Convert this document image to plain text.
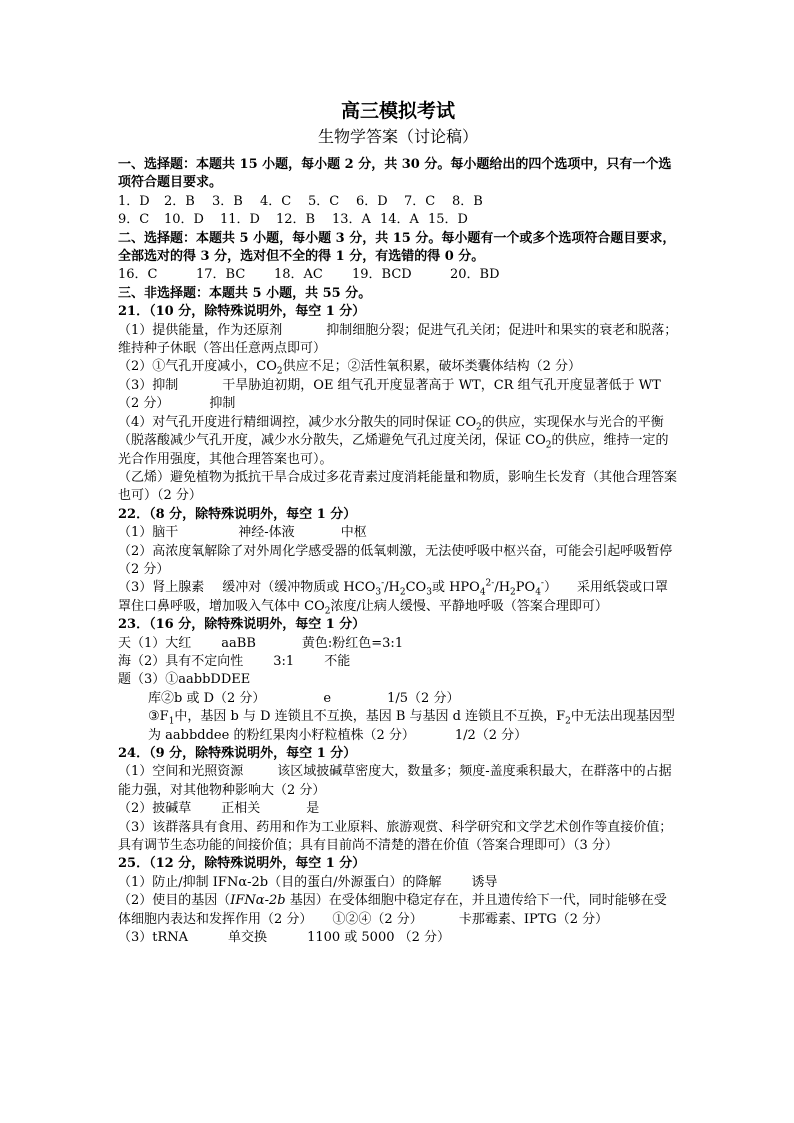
高三模拟考试
生物学答案（讨论稿）
一、选择题：本题共 15 小题，每小题 2 分，共 30 分。每小题给出的四个选项中，只有一个选项符合题目要求。
1．D 2．B 3．B 4．C 5．C 6．D 7．C 8．B
9．C 10．D 11．D 12．B 13．A 14．A 15．D
二、选择题：本题共 5 小题，每小题 3 分，共 15 分。每小题有一个或多个选项符合题目要求，全部选对的得 3 分，选对但不全的得 1 分，有选错的得 0 分。
16．C	17．BC 18．AC 19．BCD	20．BD
三、非选择题：本题共 5 小题，共 55 分。
21．（10 分，除特殊说明外，每空 1 分）
（1）提供能量，作为还原剂	抑制细胞分裂；促进气孔关闭；促进叶和果实的衰老和脱落；维持种子休眠（答出任意两点即可）
（2）①气孔开度减小，$CO_2$供应不足；②活性氧积累，破坏类囊体结构（2 分）
（3）抑制	干旱胁迫初期，OE 组气孔开度显著高于 WT，CR 组气孔开度显著低于 WT（2 分）	抑制
（4）对气孔开度进行精细调控，减少水分散失的同时保证 $CO_2$的供应，实现保水与光合的平衡（脱落酸减少气孔开度，减少水分散失，乙烯避免气孔过度关闭，保证 $CO_2$的供应，维持一定的光合作用强度，其他合理答案也可）。
（乙烯）避免植物为抵抗干旱合成过多花青素过度消耗能量和物质，影响生长发育（其他合理答案也可）（2 分）
22．（8 分，除特殊说明外，每空 1 分）
（1）脑干	神经-体液	中枢
（2）高浓度氧解除了对外周化学感受器的低氧刺激，无法使呼吸中枢兴奋，可能会引起呼吸暂停（2 分）
（3）肾上腺素 缓冲对（缓冲物质或 $HCO_3^-/H_2CO_3$或 $HPO_4^{2-}/H_2PO_4^-$） 采用纸袋或口罩罩住口鼻呼吸，增加吸入气体中 $CO_2$浓度/让病人缓慢、平静地呼吸（答案合理即可）
23．（16 分，除特殊说明外，每空 1 分）
天（1）大红 aaBB	黄色:粉红色=3:1
海（2）具有不定向性 3:1 不能
题（3）①aabbDDEE
库②b 或 D（2 分）	e	1/5（2 分）
$③F_1$中，基因 b 与 D 连锁且不互换，基因 B 与基因 d 连锁且不互换，$F_2$中无法出现基因型为 aabbddee 的粉红果肉小籽粒植株（2 分）	1/2（2 分）
24．（9 分，除特殊说明外，每空 1 分）
（1）空间和光照资源	该区域披碱草密度大，数量多；频度-盖度乘积最大，在群落中的占据能力强，对其他物种影响大（2 分）
（2）披碱草 正相关	是
（3）该群落具有食用、药用和作为工业原料、旅游观赏、科学研究和文学艺术创作等直接价值；具有调节生态功能的间接价值；具有目前尚不清楚的潜在价值（答案合理即可）（3 分）
25．（12 分，除特殊说明外，每空 1 分）
（1）防止/抑制 IFNα-2b（目的蛋白/外源蛋白）的降解 诱导
（2）使目的基因（IFNα-2b 基因）在受体细胞中稳定存在，并且遗传给下一代，同时能够在受体细胞内表达和发挥作用（2 分） ①②④（2 分）	卡那霉素、IPTG（2 分）
（3）tRNA	单交换	1100 或 5000 （2 分）
